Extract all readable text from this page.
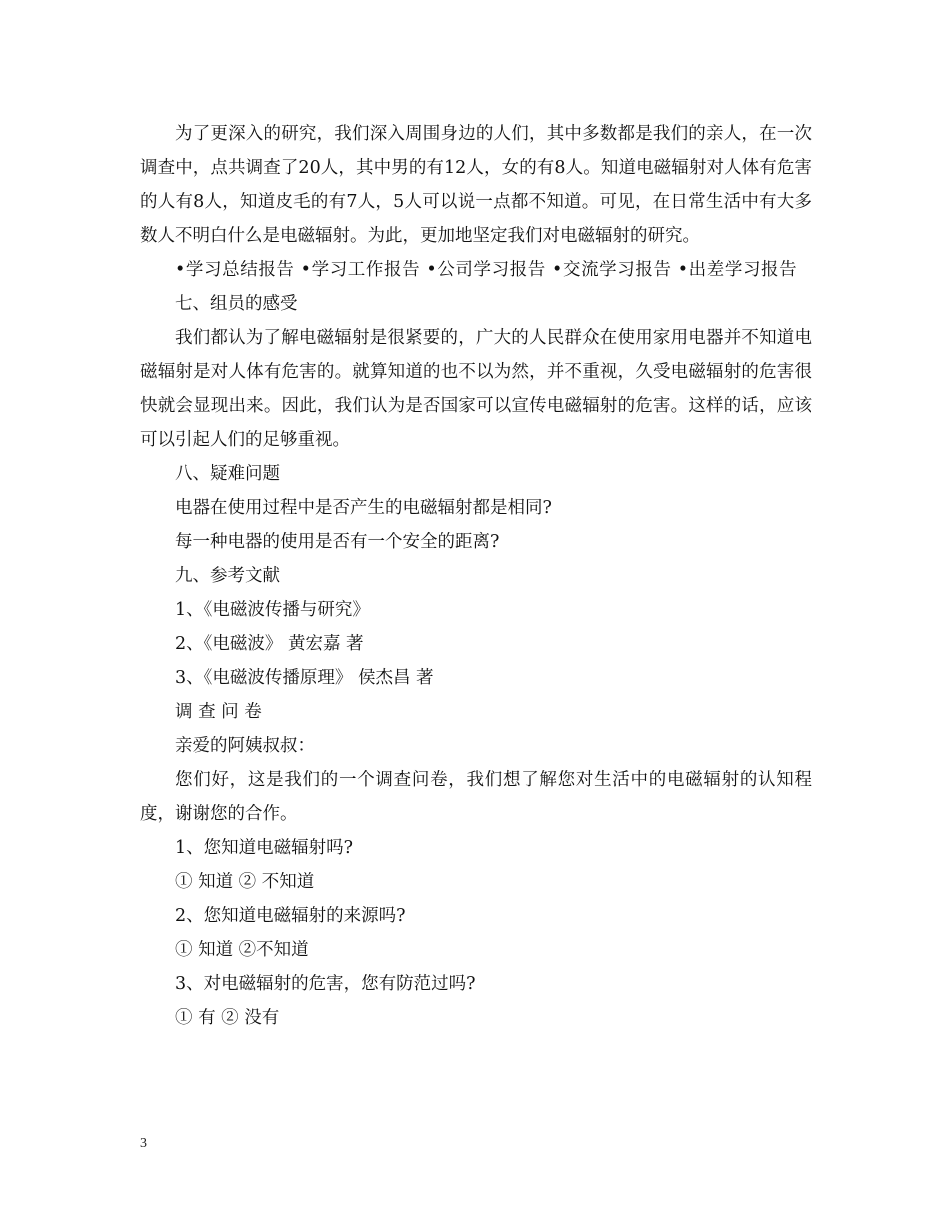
为了更深入的研究，我们深入周围身边的人们，其中多数都是我们的亲人，在一次调查中，点共调查了20人，其中男的有12人，女的有8人。知道电磁辐射对人体有危害的人有8人，知道皮毛的有7人，5人可以说一点都不知道。可见，在日常生活中有大多数人不明白什么是电磁辐射。为此，更加地坚定我们对电磁辐射的研究。

•学习总结报告 •学习工作报告 •公司学习报告 •交流学习报告 •出差学习报告

七、组员的感受

我们都认为了解电磁辐射是很紧要的，广大的人民群众在使用家用电器并不知道电磁辐射是对人体有危害的。就算知道的也不以为然，并不重视，久受电磁辐射的危害很快就会显现出来。因此，我们认为是否国家可以宣传电磁辐射的危害。这样的话，应该可以引起人们的足够重视。

八、疑难问题

电器在使用过程中是否产生的电磁辐射都是相同?

每一种电器的使用是否有一个安全的距离?

九、参考文献

1、《电磁波传播与研究》

2、《电磁波》 黄宏嘉 著

3、《电磁波传播原理》 侯杰昌 著

调 查 问 卷

亲爱的阿姨叔叔：

您们好，这是我们的一个调查问卷，我们想了解您对生活中的电磁辐射的认知程度，谢谢您的合作。

1、您知道电磁辐射吗?

① 知道 ② 不知道

2、您知道电磁辐射的来源吗?

① 知道 ②不知道

3、对电磁辐射的危害，您有防范过吗?

① 有 ② 没有

3
